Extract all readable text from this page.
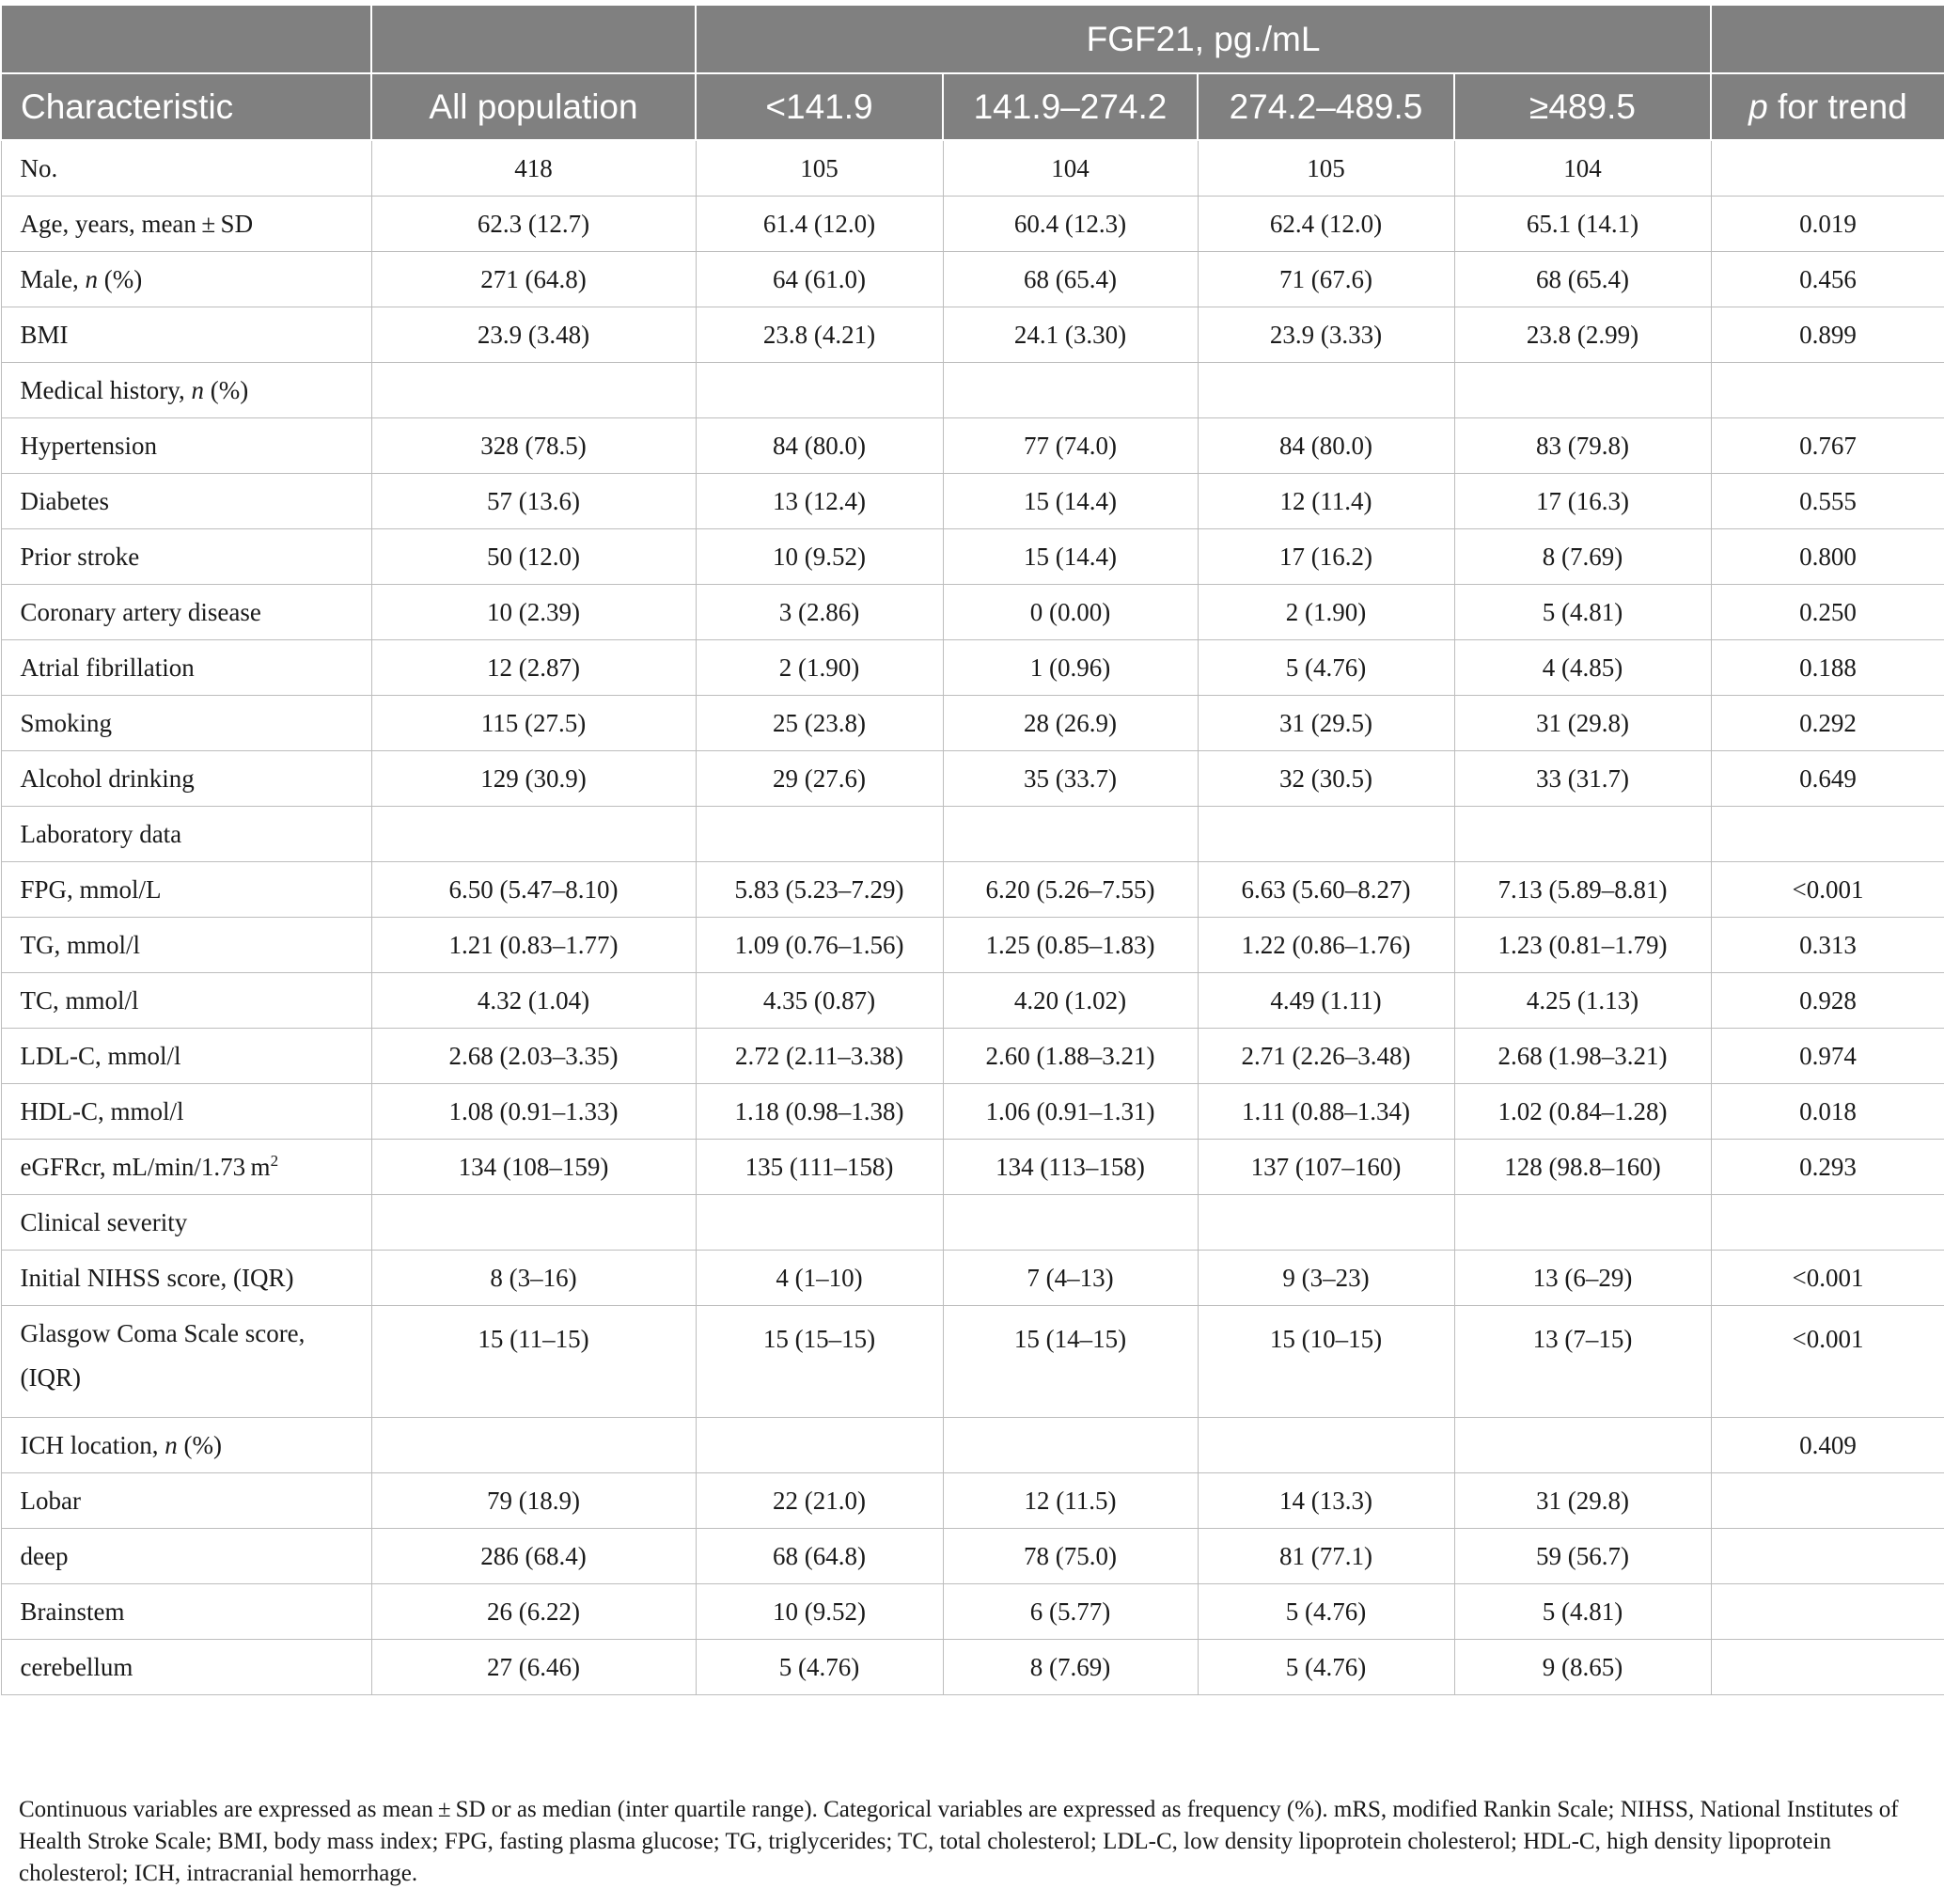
		FGF21, pg./mL				
Characteristic	All population	<141.9	141.9–274.2	274.2–489.5	≥489.5	p for trend
No.	418	105	104	105	104	
Age, years, mean ± SD	62.3 (12.7)	61.4 (12.0)	60.4 (12.3)	62.4 (12.0)	65.1 (14.1)	0.019
Male, n (%)	271 (64.8)	64 (61.0)	68 (65.4)	71 (67.6)	68 (65.4)	0.456
BMI	23.9 (3.48)	23.8 (4.21)	24.1 (3.30)	23.9 (3.33)	23.8 (2.99)	0.899
Medical history, n (%)						
Hypertension	328 (78.5)	84 (80.0)	77 (74.0)	84 (80.0)	83 (79.8)	0.767
Diabetes	57 (13.6)	13 (12.4)	15 (14.4)	12 (11.4)	17 (16.3)	0.555
Prior stroke	50 (12.0)	10 (9.52)	15 (14.4)	17 (16.2)	8 (7.69)	0.800
Coronary artery disease	10 (2.39)	3 (2.86)	0 (0.00)	2 (1.90)	5 (4.81)	0.250
Atrial fibrillation	12 (2.87)	2 (1.90)	1 (0.96)	5 (4.76)	4 (4.85)	0.188
Smoking	115 (27.5)	25 (23.8)	28 (26.9)	31 (29.5)	31 (29.8)	0.292
Alcohol drinking	129 (30.9)	29 (27.6)	35 (33.7)	32 (30.5)	33 (31.7)	0.649
Laboratory data						
FPG, mmol/L	6.50 (5.47–8.10)	5.83 (5.23–7.29)	6.20 (5.26–7.55)	6.63 (5.60–8.27)	7.13 (5.89–8.81)	<0.001
TG, mmol/l	1.21 (0.83–1.77)	1.09 (0.76–1.56)	1.25 (0.85–1.83)	1.22 (0.86–1.76)	1.23 (0.81–1.79)	0.313
TC, mmol/l	4.32 (1.04)	4.35 (0.87)	4.20 (1.02)	4.49 (1.11)	4.25 (1.13)	0.928
LDL-C, mmol/l	2.68 (2.03–3.35)	2.72 (2.11–3.38)	2.60 (1.88–3.21)	2.71 (2.26–3.48)	2.68 (1.98–3.21)	0.974
HDL-C, mmol/l	1.08 (0.91–1.33)	1.18 (0.98–1.38)	1.06 (0.91–1.31)	1.11 (0.88–1.34)	1.02 (0.84–1.28)	0.018
eGFRcr, mL/min/1.73 $m^2$	134 (108–159)	135 (111–158)	134 (113–158)	137 (107–160)	128 (98.8–160)	0.293
Clinical severity						
Initial NIHSS score, (IQR)	8 (3–16)	4 (1–10)	7 (4–13)	9 (3–23)	13 (6–29)	<0.001
Glasgow Coma Scale score, (IQR)	15 (11–15)	15 (15–15)	15 (14–15)	15 (10–15)	13 (7–15)	<0.001
ICH location, n (%)						0.409
Lobar	79 (18.9)	22 (21.0)	12 (11.5)	14 (13.3)	31 (29.8)	
deep	286 (68.4)	68 (64.8)	78 (75.0)	81 (77.1)	59 (56.7)	
Brainstem	26 (6.22)	10 (9.52)	6 (5.77)	5 (4.76)	5 (4.81)	
cerebellum	27 (6.46)	5 (4.76)	8 (7.69)	5 (4.76)	9 (8.65)	
Continuous variables are expressed as mean ± SD or as median (inter quartile range). Categorical variables are expressed as frequency (%). mRS, modified Rankin Scale; NIHSS, National Institutes of Health Stroke Scale; BMI, body mass index; FPG, fasting plasma glucose; TG, triglycerides; TC, total cholesterol; LDL-C, low density lipoprotein cholesterol; HDL-C, high density lipoprotein cholesterol; ICH, intracranial hemorrhage.
